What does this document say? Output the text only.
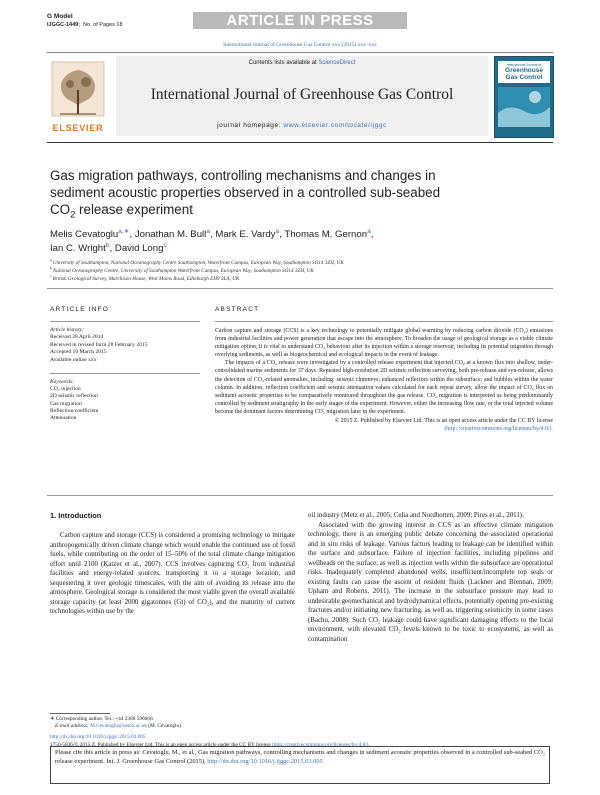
G Model
IJGGC-1449; No. of Pages 18	ARTICLE IN PRESS
International Journal of Greenhouse Gas Control xxx (2015) xxx–xxx
ELSEVIER
Contents lists available at ScienceDirect
International Journal of Greenhouse Gas Control
journal homepage: www.elsevier.com/locate/ijggc
International Journal of
Greenhouse
Gas Control
Gas migration pathways, controlling mechanisms and changes in
sediment acoustic properties observed in a controlled sub-seabed
$CO_2$ release experiment
Melis Cevatoglu$^{a,∗}$, Jonathan M. Bull$^a$, Mark E. Vardy$^a$, Thomas M. Gernon$^a$,
Ian C. Wright$^b$, David Long$^c$
$^a$ University of Southampton, National Oceanography Centre Southampton, Waterfront Campus, European Way, Southampton SO14 3ZH, UK
$^b$ National Oceanography Centre, University of Southampton Waterfront Campus, European Way, Southampton SO14 3ZH, UK
$^c$ British Geological Survey, Murchison House, West Mains Road, Edinburgh EH9 3LA, UK
ARTICLE INFO
Article history:
Received 28 April 2014
Received in revised form 28 February 2015
Accepted 10 March 2015
Available online xxx
Keywords:
CO₂ injection
2D seismic reflection
Gas migration
Reflection coefficient
Attenuation
ABSTRACT
Carbon capture and storage (CCS) is a key technology to potentially mitigate global warming by reducing carbon dioxide (CO₂) emissions from industrial facilities and power generation that escape into the atmosphere. To broaden the usage of geological storage as a viable climate mitigation option, it is vital to understand CO₂ behaviour after its injection within a storage reservoir, including its potential migration through overlying sediments, as well as biogeochemical and ecological impacts in the event of leakage.
The impacts of a CO₂ release were investigated by a controlled release experiment that injected CO₂ at a known flux into shallow, under-consolidated marine sediments for 37 days. Repeated high-resolution 2D seismic reflection surveying, both pre-release and syn-release, allows the detection of CO₂-related anomalies, including: seismic chimneys; enhanced reflectors within the subsurface; and bubbles within the water column. In addition, reflection coefficient and seismic attenuation values calculated for each repeat survey, allow the impact of CO₂ flux on sediment acoustic properties to be comparatively monitored throughout the gas release. CO₂ migration is interpreted as being predominantly controlled by sediment stratigraphy in the early stages of the experiment. However, either the increasing flow rate, or the total injected volume become the dominant factors determining CO₂ migration later in the experiment.
© 2015 Z. Published by Elsevier Ltd. This is an open access article under the CC BY license
(http://creativecommons.org/licenses/by/4.0/).
1. Introduction
Carbon capture and storage (CCS) is considered a promising technology to mitigate anthropogenically driven climate change which would enable the continued use of fossil fuels, while contributing on the order of 15–50% of the total climate change mitigation effort until 2100 (Katzer et al., 2007). CCS involves capturing CO₂ from industrial facilities and energy-related sources, transporting it to a storage location, and sequestering it over geologic timescales, with the aim of avoiding its release into the atmosphere. Geological storage is considered the most viable given the overall available storage capacity (at least 2000 gigatonnes (Gt) of CO₂), and the maturity of current technologies within use by the
oil industry (Metz et al., 2005; Celia and Nordbotten, 2009; Pires et al., 2011).
Associated with the growing interest in CCS as an effective climate mitigation technology, there is an emerging public debate concerning the associated operational and in situ risks of leakage. Various factors leading to leakage can be identified within the surface and subsurface. Failure of injection facilities, including pipelines and wellheads on the surface, as well as injection wells within the subsurface are operational risks. Inadequately completed abandoned wells, insufficient/incomplete top seals or existing faults can cause the ascent of resident fluids (Lackner and Brennan, 2009; Upham and Roberts, 2011). The increase in the subsurface pressure may lead to undesirable geomechanical and hydrodynamical effects, potentially opening pre-existing fractures and/or initiating new fracturing, as well as, triggering seismicity in some cases (Bachu, 2008). Such CO₂ leakage could have significant damaging effects to the local environment, with elevated CO₂ levels known to be toxic to ecosystems, as well as contamination
∗ Corresponding author. Tel.: +44 2380 596666.
E-mail address: M.Cevatoglu@soton.ac.uk (M. Cevatoglu).
http://dx.doi.org/10.1016/j.ijggc.2015.03.005
1750-5836/© 2015 Z. Published by Elsevier Ltd. This is an open access article under the CC BY license (http://creativecommons.org/licenses/by/4.0/).
Please cite this article in press as: Cevatoglu, M., et al., Gas migration pathways, controlling mechanisms and changes in sediment acoustic properties observed in a controlled sub-seabed CO₂ release experiment. Int. J. Greenhouse Gas Control (2015), http://dx.doi.org/10.1016/j.ijggc.2015.03.005
